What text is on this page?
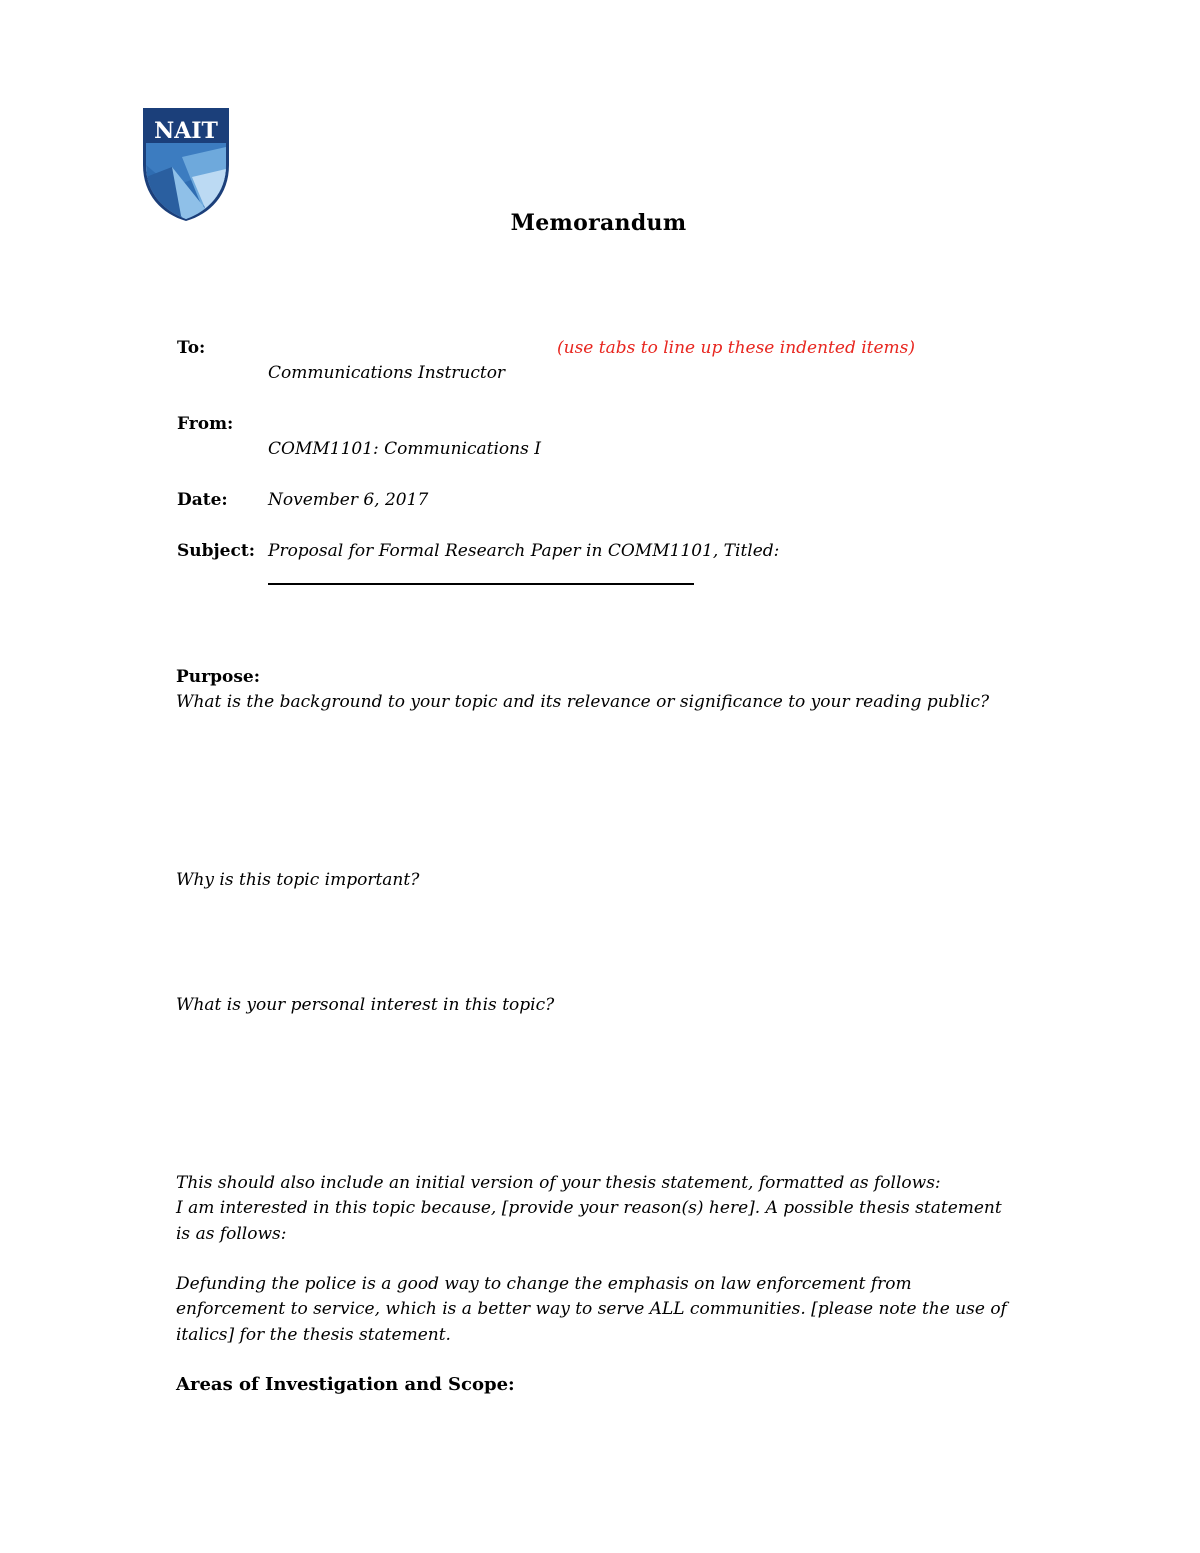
NAIT
Memorandum
To:	(use tabs to line up these indented items)
Communications Instructor
From:
COMM1101: Communications I
Date: November 6, 2017
Subject: Proposal for Formal Research Paper in COMM1101, Titled:
Purpose:
What is the background to your topic and its relevance or significance to your reading public?
Why is this topic important?
What is your personal interest in this topic?
This should also include an initial version of your thesis statement, formatted as follows:
I am interested in this topic because, [provide your reason(s) here]. A possible thesis statement
is as follows:
Defunding the police is a good way to change the emphasis on law enforcement from
enforcement to service, which is a better way to serve ALL communities. [please note the use of
italics] for the thesis statement.
Areas of Investigation and Scope:
